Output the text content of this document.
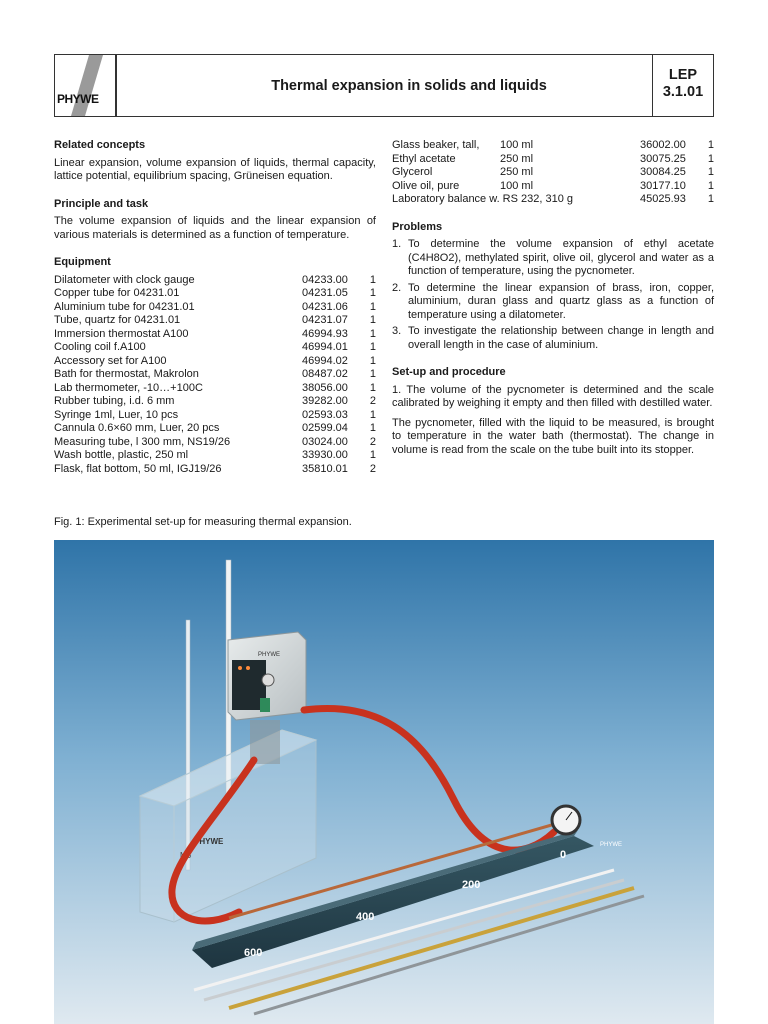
PHYWE
Thermal expansion in solids and liquids
LEP
3.1.01
Related concepts

Linear expansion, volume expansion of liquids, thermal capacity, lattice potential, equilibrium spacing, Grüneisen equation.

Principle and task

The volume expansion of liquids and the linear expansion of various materials is determined as a function of temperature.

Equipment
Dilatometer with clock gauge	04233.00	1
Copper tube for 04231.01	04231.05	1
Aluminium tube for 04231.01	04231.06	1
Tube, quartz for 04231.01	04231.07	1
Immersion thermostat A100	46994.93	1
Cooling coil f.A100	46994.01	1
Accessory set for A100	46994.02	1
Bath for thermostat, Makrolon	08487.02	1
Lab thermometer, -10…+100C	38056.00	1
Rubber tubing, i.d. 6 mm	39282.00	2
Syringe 1ml, Luer, 10 pcs	02593.03	1
Cannula 0.6×60 mm, Luer, 20 pcs	02599.04	1
Measuring tube, l 300 mm, NS19/26	03024.00	2
Wash bottle, plastic, 250 ml	33930.00	1
Flask, flat bottom, 50 ml, IGJ19/26	35810.01	2
Glass beaker, tall,	100 ml	36002.00	1
Ethyl acetate	250 ml	30075.25	1
Glycerol	250 ml	30084.25	1
Olive oil, pure	100 ml	30177.10	1
Laboratory balance w. RS 232, 310 g	45025.93	1
Problems
1. To determine the volume expansion of ethyl acetate (C4H8O2), methylated spirit, olive oil, glycerol and water as a function of temperature, using the pycnometer.
2. To determine the linear expansion of brass, iron, copper, aluminium, duran glass and quartz glass as a function of temperature using a dilatometer.
3. To investigate the relationship between change in length and overall length in the case of aluminium.
Set-up and procedure

1. The volume of the pycnometer is determined and the scale calibrated by weighing it empty and then filled with destilled water.

The pycnometer, filled with the liquid to be measured, is brought to temperature in the water bath (thermostat). The change in volume is read from the scale on the tube built into its stopper.

Fig. 1: Experimental set-up for measuring thermal expansion.
M6
PHYWE
PHYWE
600
400
200
0
PHYWE
